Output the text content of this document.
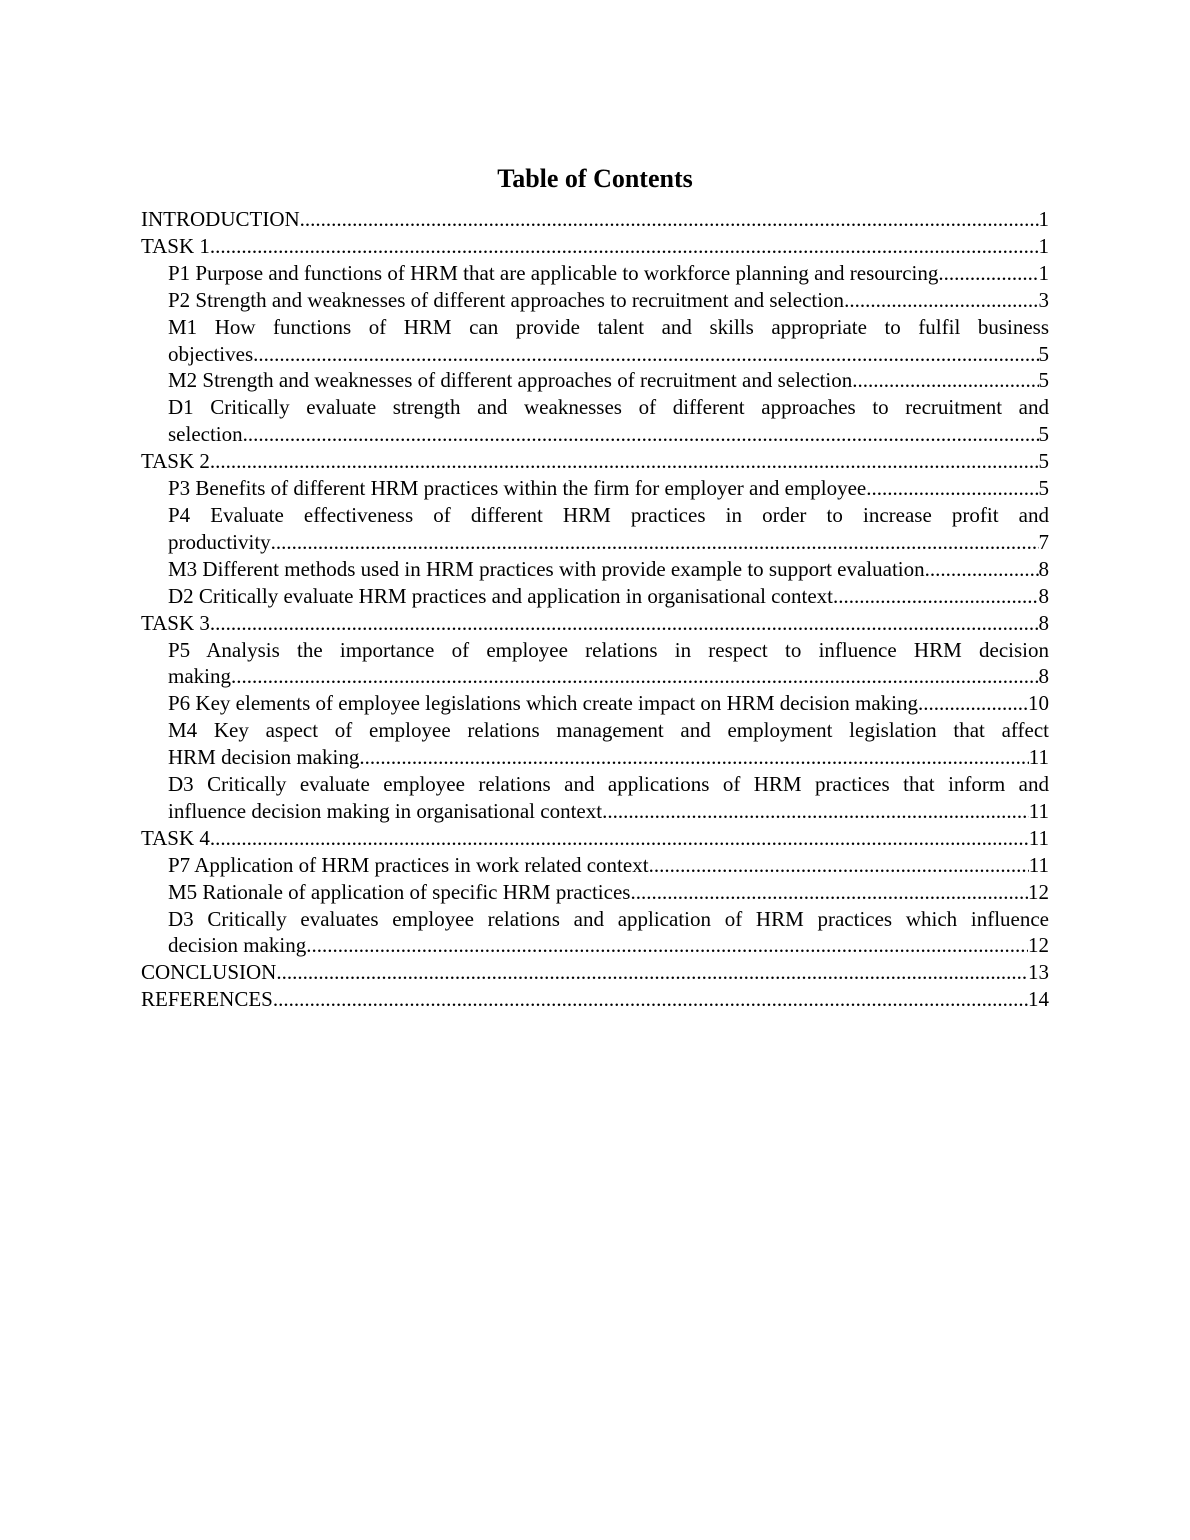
Table of Contents
INTRODUCTION .....	1
TASK 1 .....	1
P1 Purpose and functions of HRM that are applicable to workforce planning and resourcing. .....	1
P2 Strength and weaknesses of different approaches to recruitment and selection .....	3
M1 How functions of HRM can provide talent and skills appropriate to fulfil business
objectives .....	5
M2 Strength and weaknesses of different approaches of recruitment and selection .....	5
D1 Critically evaluate strength and weaknesses of different approaches to recruitment and
selection .....	5
TASK 2 .....	5
P3 Benefits of different HRM practices within the firm for employer and employee .....	5
P4 Evaluate effectiveness of different HRM practices in order to increase profit and
productivity .....	7
M3 Different methods used in HRM practices with provide example to support evaluation .....	8
D2 Critically evaluate HRM practices and application in organisational context .....	8
TASK 3 .....	8
P5 Analysis the importance of employee relations in respect to influence HRM decision
making .....	8
P6 Key elements of employee legislations which create impact on HRM decision making .....	10
M4 Key aspect of employee relations management and employment legislation that affect
HRM decision making .....	11
D3 Critically evaluate employee relations and applications of HRM practices that inform and
influence decision making in organisational context .....	11
TASK 4 .....	11
P7 Application of HRM practices in work related context .....	11
M5 Rationale of application of specific HRM practices .....	12
D3 Critically evaluates employee relations and application of HRM practices which influence
decision making .....	12
CONCLUSION .....	13
REFERENCES .....	14
